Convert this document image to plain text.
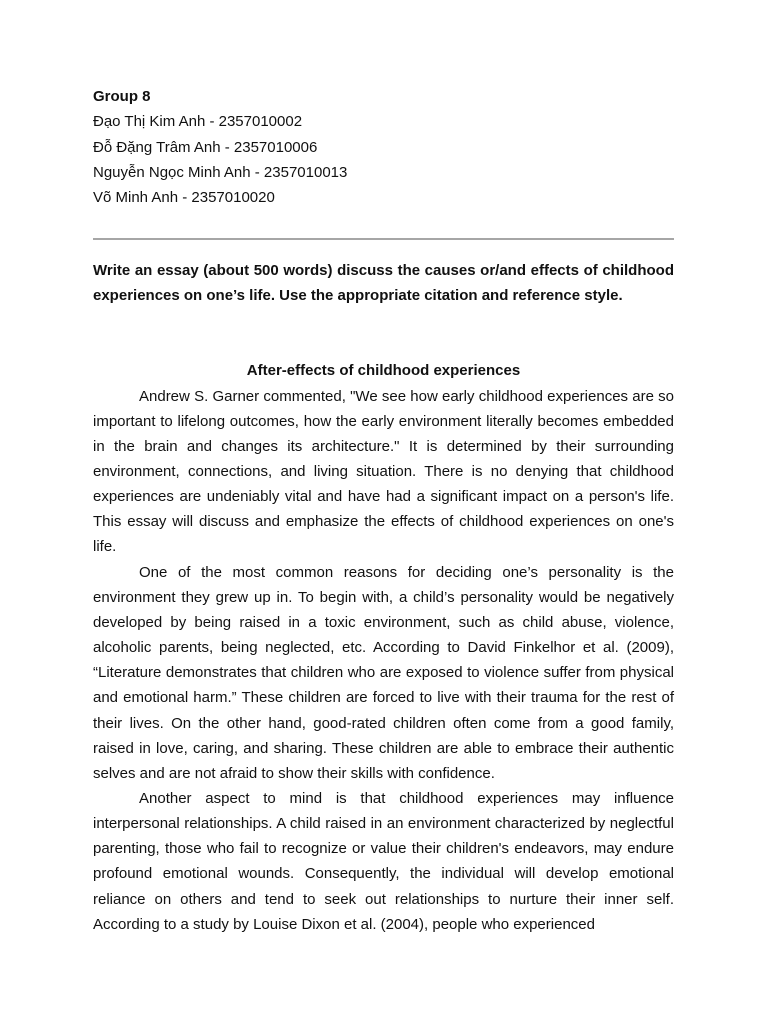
Group 8
Đạo Thị Kim Anh - 2357010002
Đỗ Đặng Trâm Anh - 2357010006
Nguyễn Ngọc Minh Anh - 2357010013
Võ Minh Anh - 2357010020

Write an essay (about 500 words) discuss the causes or/and effects of childhood experiences on one’s life. Use the appropriate citation and reference style.

After-effects of childhood experiences

Andrew S. Garner commented, "We see how early childhood experiences are so important to lifelong outcomes, how the early environment literally becomes embedded in the brain and changes its architecture." It is determined by their surrounding environment, connections, and living situation. There is no denying that childhood experiences are undeniably vital and have had a significant impact on a person's life. This essay will discuss and emphasize the effects of childhood experiences on one's life.

One of the most common reasons for deciding one’s personality is the environment they grew up in. To begin with, a child’s personality would be negatively developed by being raised in a toxic environment, such as child abuse, violence, alcoholic parents, being neglected, etc. According to David Finkelhor et al. (2009), “Literature demonstrates that children who are exposed to violence suffer from physical and emotional harm.” These children are forced to live with their trauma for the rest of their lives. On the other hand, good-rated children often come from a good family, raised in love, caring, and sharing. These children are able to embrace their authentic selves and are not afraid to show their skills with confidence.

Another aspect to mind is that childhood experiences may influence interpersonal relationships. A child raised in an environment characterized by neglectful parenting, those who fail to recognize or value their children's endeavors, may endure profound emotional wounds. Consequently, the individual will develop emotional reliance on others and tend to seek out relationships to nurture their inner self. According to a study by Louise Dixon et al. (2004), people who experienced
